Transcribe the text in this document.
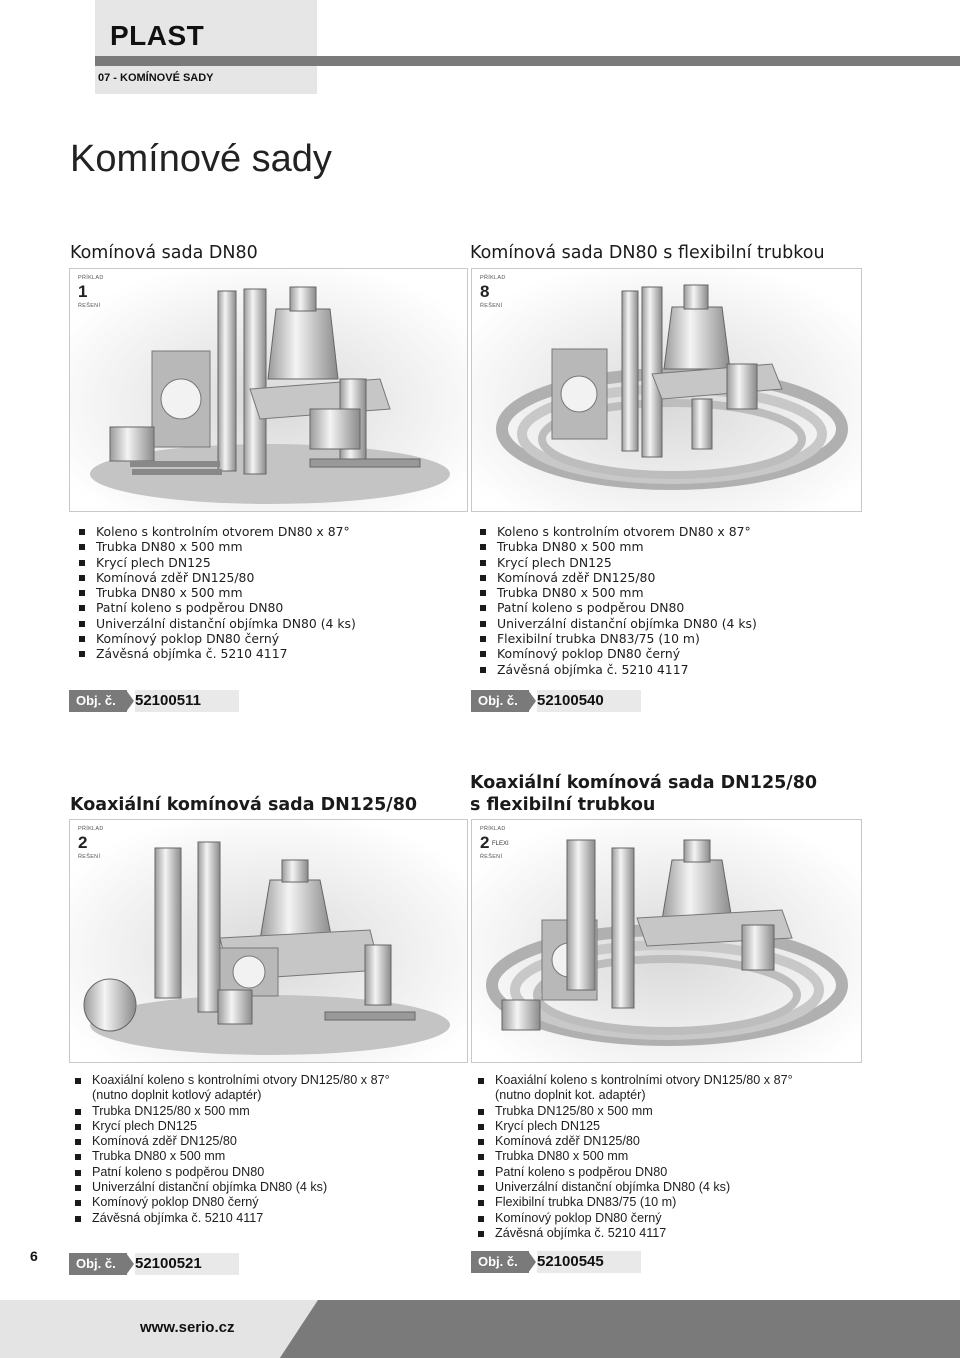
PLAST
07 - KOMÍNOVÉ SADY
Komínové sady
Komínová sada DN80
PŘÍKLAD
1
ŘEŠENÍ
Koleno s kontrolním otvorem DN80 x 87°
Trubka DN80 x 500 mm
Krycí plech DN125
Komínová zděř DN125/80
Trubka DN80 x 500 mm
Patní koleno s podpěrou DN80
Univerzální distanční objímka DN80 (4 ks)
Komínový poklop DN80 černý
Závěsná objímka č. 5210 4117
Obj. č.	52100511
Komínová sada DN80 s flexibilní trubkou
PŘÍKLAD
8
ŘEŠENÍ
Koleno s kontrolním otvorem DN80 x 87°
Trubka DN80 x 500 mm
Krycí plech DN125
Komínová zděř DN125/80
Trubka DN80 x 500 mm
Patní koleno s podpěrou DN80
Univerzální distanční objímka DN80 (4 ks)
Flexibilní trubka DN83/75 (10 m)
Komínový poklop DN80 černý
Závěsná objímka č. 5210 4117
Obj. č.	52100540
Koaxiální komínová sada DN125/80
PŘÍKLAD
2
ŘEŠENÍ
Koaxiální koleno s kontrolními otvory DN125/80 x 87°
(nutno doplnit kotlový adaptér)
Trubka DN125/80 x 500 mm
Krycí plech DN125
Komínová zděř DN125/80
Trubka DN80 x 500 mm
Patní koleno s podpěrou DN80
Univerzální distanční objímka DN80 (4 ks)
Komínový poklop DN80 černý
Závěsná objímka č. 5210 4117
Obj. č.	52100521
Koaxiální komínová sada DN125/80
s flexibilní trubkou
PŘÍKLAD
2 FLEXI
ŘEŠENÍ
Koaxiální koleno s kontrolními otvory DN125/80 x 87°
(nutno doplnit kot. adaptér)
Trubka DN125/80 x 500 mm
Krycí plech DN125
Komínová zděř DN125/80
Trubka DN80 x 500 mm
Patní koleno s podpěrou DN80
Univerzální distanční objímka DN80 (4 ks)
Flexibilní trubka DN83/75 (10 m)
Komínový poklop DN80 černý
Závěsná objímka č. 5210 4117
Obj. č.	52100545
6
www.serio.cz
